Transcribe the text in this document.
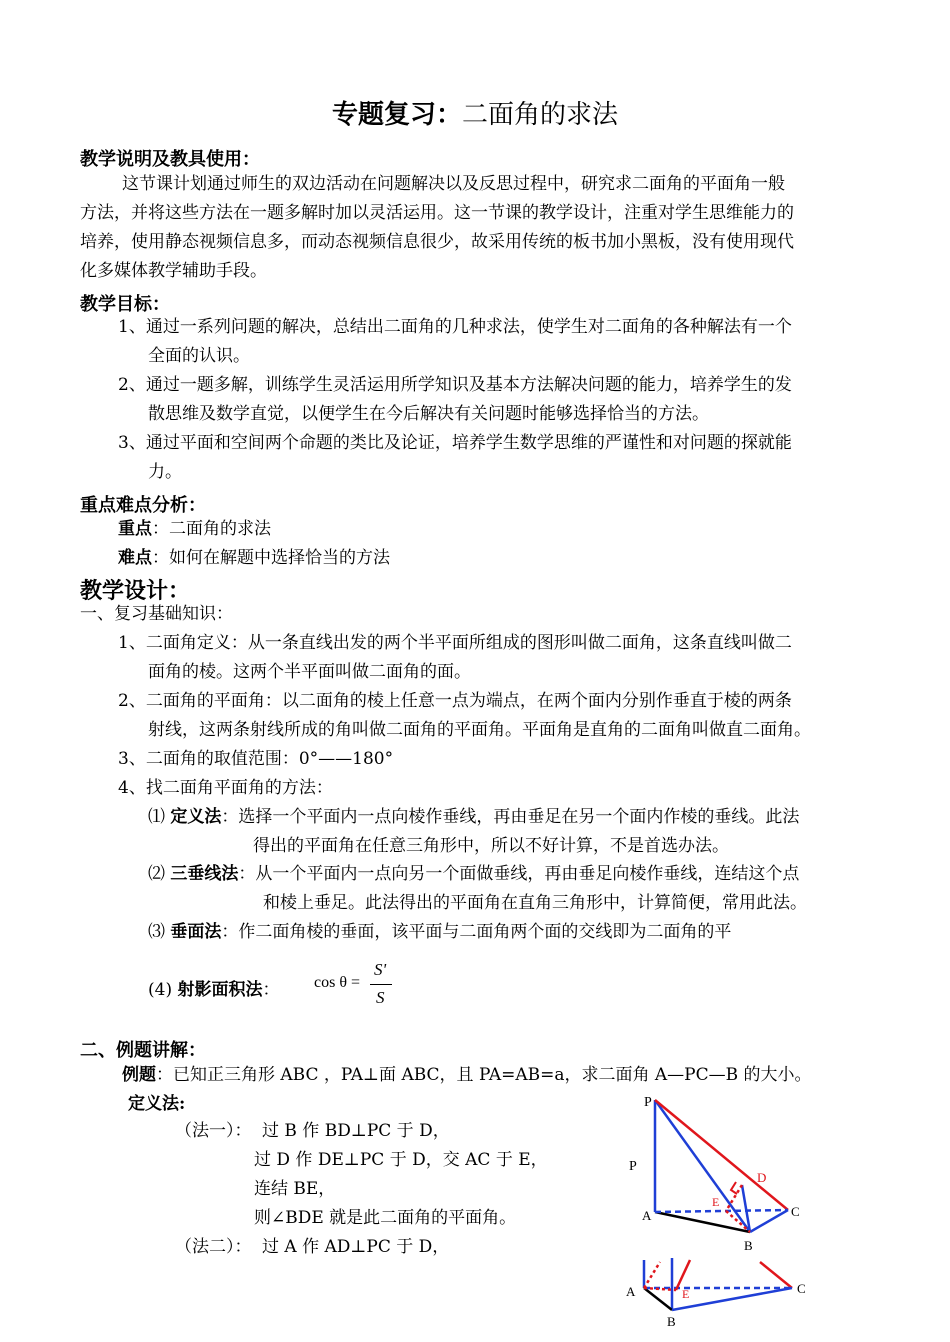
专题复习：二面角的求法
教学说明及教具使用：
这节课计划通过师生的双边活动在问题解决以及反思过程中，研究求二面角的平面角一般
方法，并将这些方法在一题多解时加以灵活运用。这一节课的教学设计，注重对学生思维能力的
培养，使用静态视频信息多，而动态视频信息很少，故采用传统的板书加小黑板，没有使用现代
化多媒体教学辅助手段。
教学目标：
1、通过一系列问题的解决，总结出二面角的几种求法，使学生对二面角的各种解法有一个
全面的认识。
2、通过一题多解，训练学生灵活运用所学知识及基本方法解决问题的能力，培养学生的发
散思维及数学直觉，以便学生在今后解决有关问题时能够选择恰当的方法。
3、通过平面和空间两个命题的类比及论证，培养学生数学思维的严谨性和对问题的探就能
力。
重点难点分析：
重点：二面角的求法
难点：如何在解题中选择恰当的方法
教学设计：
一、复习基础知识：
1、二面角定义：从一条直线出发的两个半平面所组成的图形叫做二面角，这条直线叫做二
面角的棱。这两个半平面叫做二面角的面。
2、二面角的平面角：以二面角的棱上任意一点为端点，在两个面内分别作垂直于棱的两条
射线，这两条射线所成的角叫做二面角的平面角。平面角是直角的二面角叫做直二面角。
3、二面角的取值范围：0°——180°
4、找二面角平面角的方法：
⑴ 定义法：选择一个平面内一点向棱作垂线，再由垂足在另一个面内作棱的垂线。此法
得出的平面角在任意三角形中，所以不好计算，不是首选办法。
⑵ 三垂线法：从一个平面内一点向另一个面做垂线，再由垂足向棱作垂线，连结这个点
和棱上垂足。此法得出的平面角在直角三角形中，计算简便，常用此法。
⑶ 垂面法：作二面角棱的垂面，该平面与二面角两个面的交线即为二面角的平
(4) 射影面积法： cos θ =
S'
S
二、例题讲解：
例题：已知正三角形 ABC ，PA⊥面 ABC，且 PA=AB=a，求二面角 A—PC—B 的大小。
定义法:
（法一）： 过 B 作 BD⊥PC 于 D，
过 D 作 DE⊥PC 于 D，交 AC 于 E，
连结 BE，
则∠BDE 就是此二面角的平面角。
（法二）： 过 A 作 AD⊥PC 于 D，
P
P
A
B
C
D
E
A
B
C
E
